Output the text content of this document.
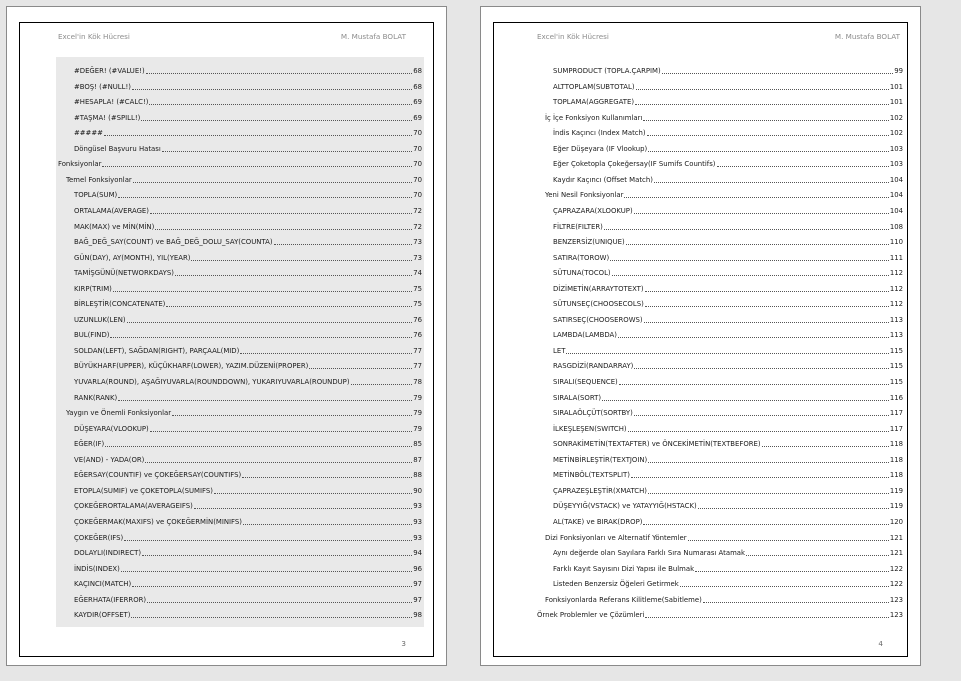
Excel'in Kök Hücresi	M. Mustafa BOLAT
#DEĞER! (#VALUE!)	68
#BOŞ! (#NULL!)	68
#HESAPLA! (#CALC!)	69
#TAŞMA! (#SPILL!)	69
#####	70
Döngüsel Başvuru Hatası	70
Fonksiyonlar	70
Temel Fonksiyonlar	70
TOPLA(SUM)	70
ORTALAMA(AVERAGE)	72
MAK(MAX) ve MİN(MİN)	72
BAĞ_DEĞ_SAY(COUNT) ve BAĞ_DEĞ_DOLU_SAY(COUNTA)	73
GÜN(DAY), AY(MONTH), YIL(YEAR)	73
TAMİŞGÜNÜ(NETWORKDAYS)	74
KIRP(TRIM)	75
BİRLEŞTİR(CONCATENATE)	75
UZUNLUK(LEN)	76
BUL(FIND)	76
SOLDAN(LEFT), SAĞDAN(RIGHT), PARÇAAL(MID)	77
BÜYÜKHARF(UPPER), KÜÇÜKHARF(LOWER), YAZIM.DÜZENİ(PROPER)	77
YUVARLA(ROUND), AŞAĞIYUVARLA(ROUNDDOWN), YUKARIYUVARLA(ROUNDUP)	78
RANK(RANK)	79
Yaygın ve Önemli Fonksiyonlar	79
DÜŞEYARA(VLOOKUP)	79
EĞER(IF)	85
VE(AND) - YADA(OR)	87
EĞERSAY(COUNTIF) ve ÇOKEĞERSAY(COUNTIFS)	88
ETOPLA(SUMIF) ve ÇOKETOPLA(SUMIFS)	90
ÇOKEĞERORTALAMA(AVERAGEIFS)	93
ÇOKEĞERMAK(MAXIFS) ve ÇOKEĞERMİN(MINIFS)	93
ÇOKEĞER(IFS)	93
DOLAYLI(INDIRECT)	94
İNDİS(INDEX)	96
KAÇINCI(MATCH)	97
EĞERHATA(IFERROR)	97
KAYDIR(OFFSET)	98
3
Excel'in Kök Hücresi	M. Mustafa BOLAT
SUMPRODUCT (TOPLA.ÇARPIM)	99
ALTTOPLAM(SUBTOTAL)	101
TOPLAMA(AGGREGATE)	101
İç İçe Fonksiyon Kullanımları	102
İndis Kaçıncı (Index Match)	102
Eğer Düşeyara (IF Vlookup)	103
Eğer Çoketopla Çokeğersay(IF Sumifs Countifs)	103
Kaydır Kaçıncı (Offset Match)	104
Yeni Nesil Fonksiyonlar	104
ÇAPRAZARA(XLOOKUP)	104
FİLTRE(FILTER)	108
BENZERSİZ(UNIQUE)	110
SATIRA(TOROW)	111
SÜTUNA(TOCOL)	112
DİZİMETİN(ARRAYTOTEXT)	112
SÜTUNSEÇ(CHOOSECOLS)	112
SATIRSEÇ(CHOOSEROWS)	113
LAMBDA(LAMBDA)	113
LET	115
RASGDİZİ(RANDARRAY)	115
SIRALI(SEQUENCE)	115
SIRALA(SORT)	116
SIRALAÖLÇÜT(SORTBY)	117
İLKEŞLEŞEN(SWITCH)	117
SONRAKİMETİN(TEXTAFTER) ve ÖNCEKİMETİN(TEXTBEFORE)	118
METİNBİRLEŞTİR(TEXTJOIN)	118
METİNBÖL(TEXTSPLIT)	118
ÇAPRAZEŞLEŞTİR(XMATCH)	119
DÜŞEYYIĞ(VSTACK) ve YATAYYIĞ(HSTACK)	119
AL(TAKE) ve BIRAK(DROP)	120
Dizi Fonksiyonları ve Alternatif Yöntemler	121
Aynı değerde olan Sayılara Farklı Sıra Numarası Atamak	121
Farklı Kayıt Sayısını Dizi Yapısı ile Bulmak	122
Listeden Benzersiz Öğeleri Getirmek	122
Fonksiyonlarda Referans Kilitleme(Sabitleme)	123
Örnek Problemler ve Çözümleri	123
4
